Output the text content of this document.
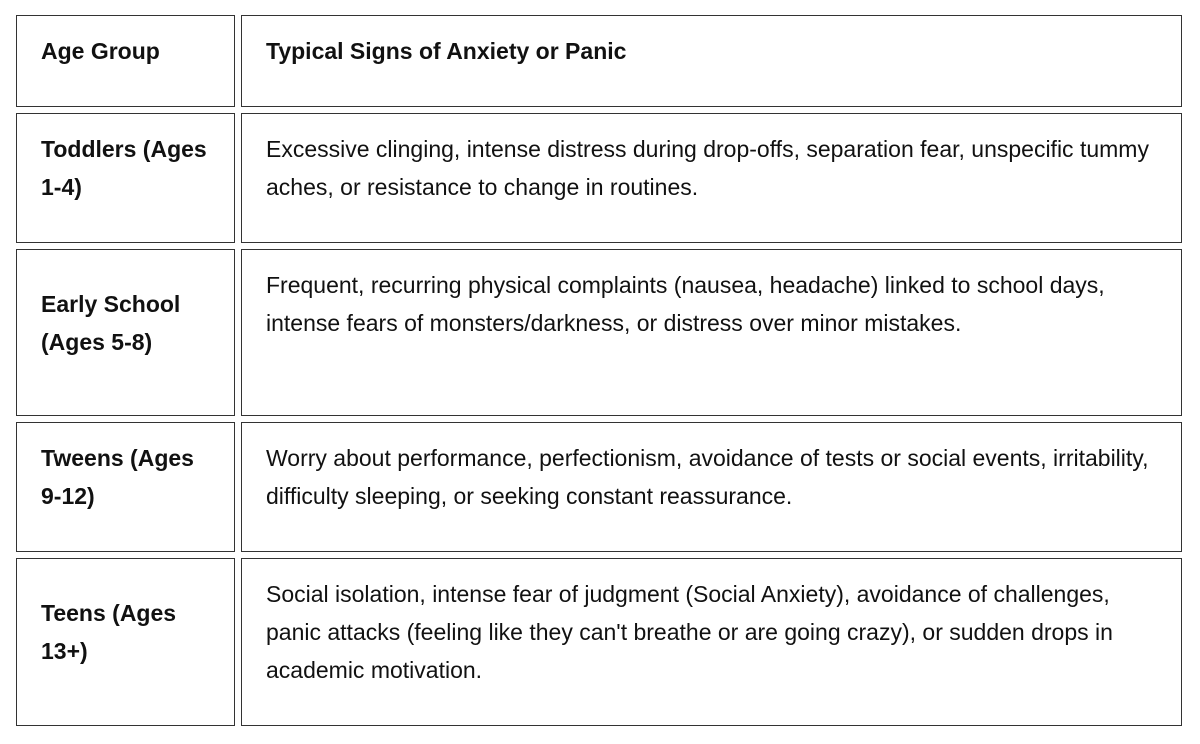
Age Group	Typical Signs of Anxiety or Panic
Toddlers (Ages 1-4)	Excessive clinging, intense distress during drop-offs, separation fear, unspecific tummy aches, or resistance to change in routines.
Early School (Ages 5-8)	Frequent, recurring physical complaints (nausea, headache) linked to school days, intense fears of monsters/darkness, or distress over minor mistakes.
Tweens (Ages 9-12)	Worry about performance, perfectionism, avoidance of tests or social events, irritability, difficulty sleeping, or seeking constant reassurance.
Teens (Ages 13+)	Social isolation, intense fear of judgment (Social Anxiety), avoidance of challenges, panic attacks (feeling like they can't breathe or are going crazy), or sudden drops in academic motivation.
